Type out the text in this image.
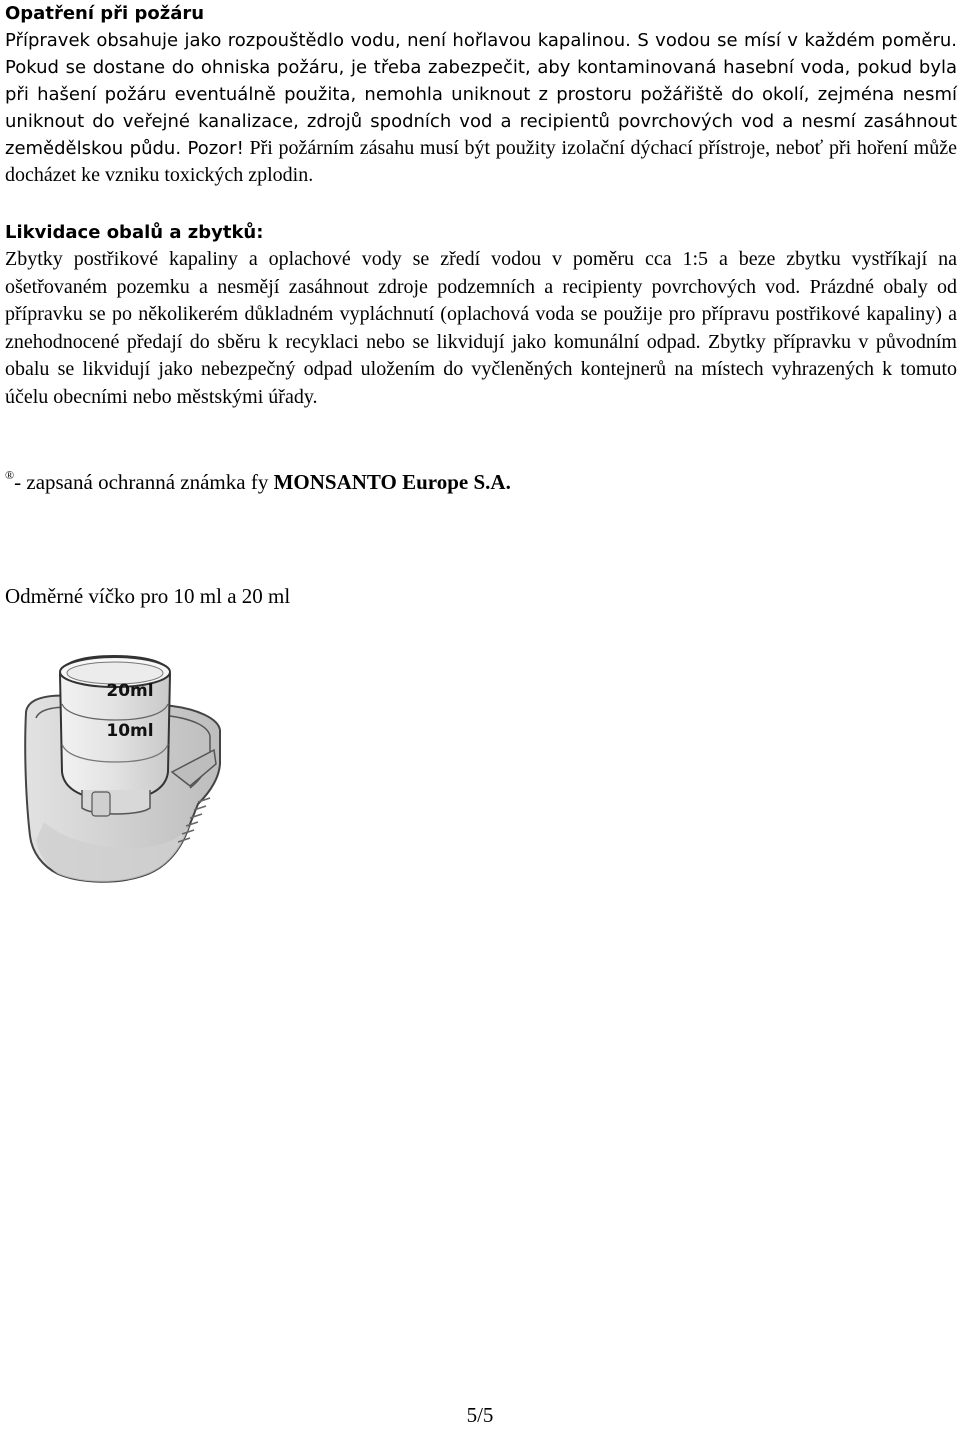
Opatření při požáru

Přípravek obsahuje jako rozpouštědlo vodu, není hořlavou kapalinou. S vodou se mísí v každém poměru. Pokud se dostane do ohniska požáru, je třeba zabezpečit, aby kontaminovaná hasební voda, pokud byla při hašení požáru eventuálně použita, nemohla uniknout z prostoru požářiště do okolí, zejména nesmí uniknout do veřejné kanalizace, zdrojů spodních vod a recipientů povrchových vod a nesmí zasáhnout zemědělskou půdu. Pozor! Při požárním zásahu musí být použity izolační dýchací přístroje, neboť při hoření může docházet ke vzniku toxických zplodin.

Likvidace obalů a zbytků:

Zbytky postřikové kapaliny a oplachové vody se zředí vodou v poměru cca 1:5 a beze zbytku vystříkají na ošetřovaném pozemku a nesmějí zasáhnout zdroje podzemních a recipienty povrchových vod. Prázdné obaly od přípravku se po několikerém důkladném vypláchnutí (oplachová voda se použije pro přípravu postřikové kapaliny) a znehodnocené předají do sběru k recyklaci nebo se likvidují jako komunální odpad. Zbytky přípravku v původním obalu se likvidují jako nebezpečný odpad uložením do vyčleněných kontejnerů na místech vyhrazených k tomuto účelu obecními nebo městskými úřady.

®- zapsaná ochranná známka fy MONSANTO Europe S.A.
Odměrné víčko pro 10 ml a 20 ml
20ml
10ml
5/5
